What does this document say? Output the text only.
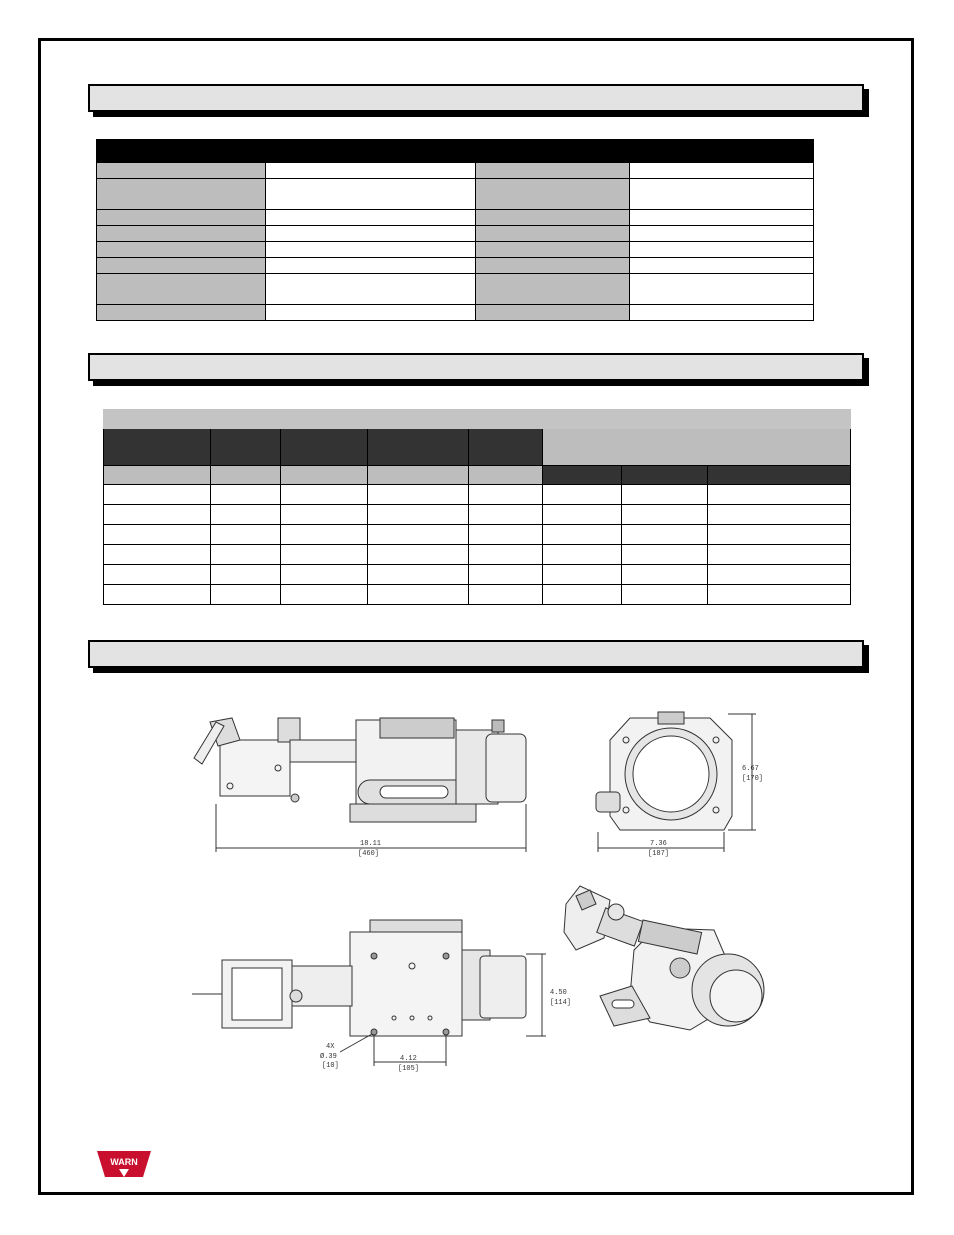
18.11
[460]
7.36
[187]
6.67
[170]
4.12
[105]
4.50
[114]
4X
Ø.39
[10]
WARN
